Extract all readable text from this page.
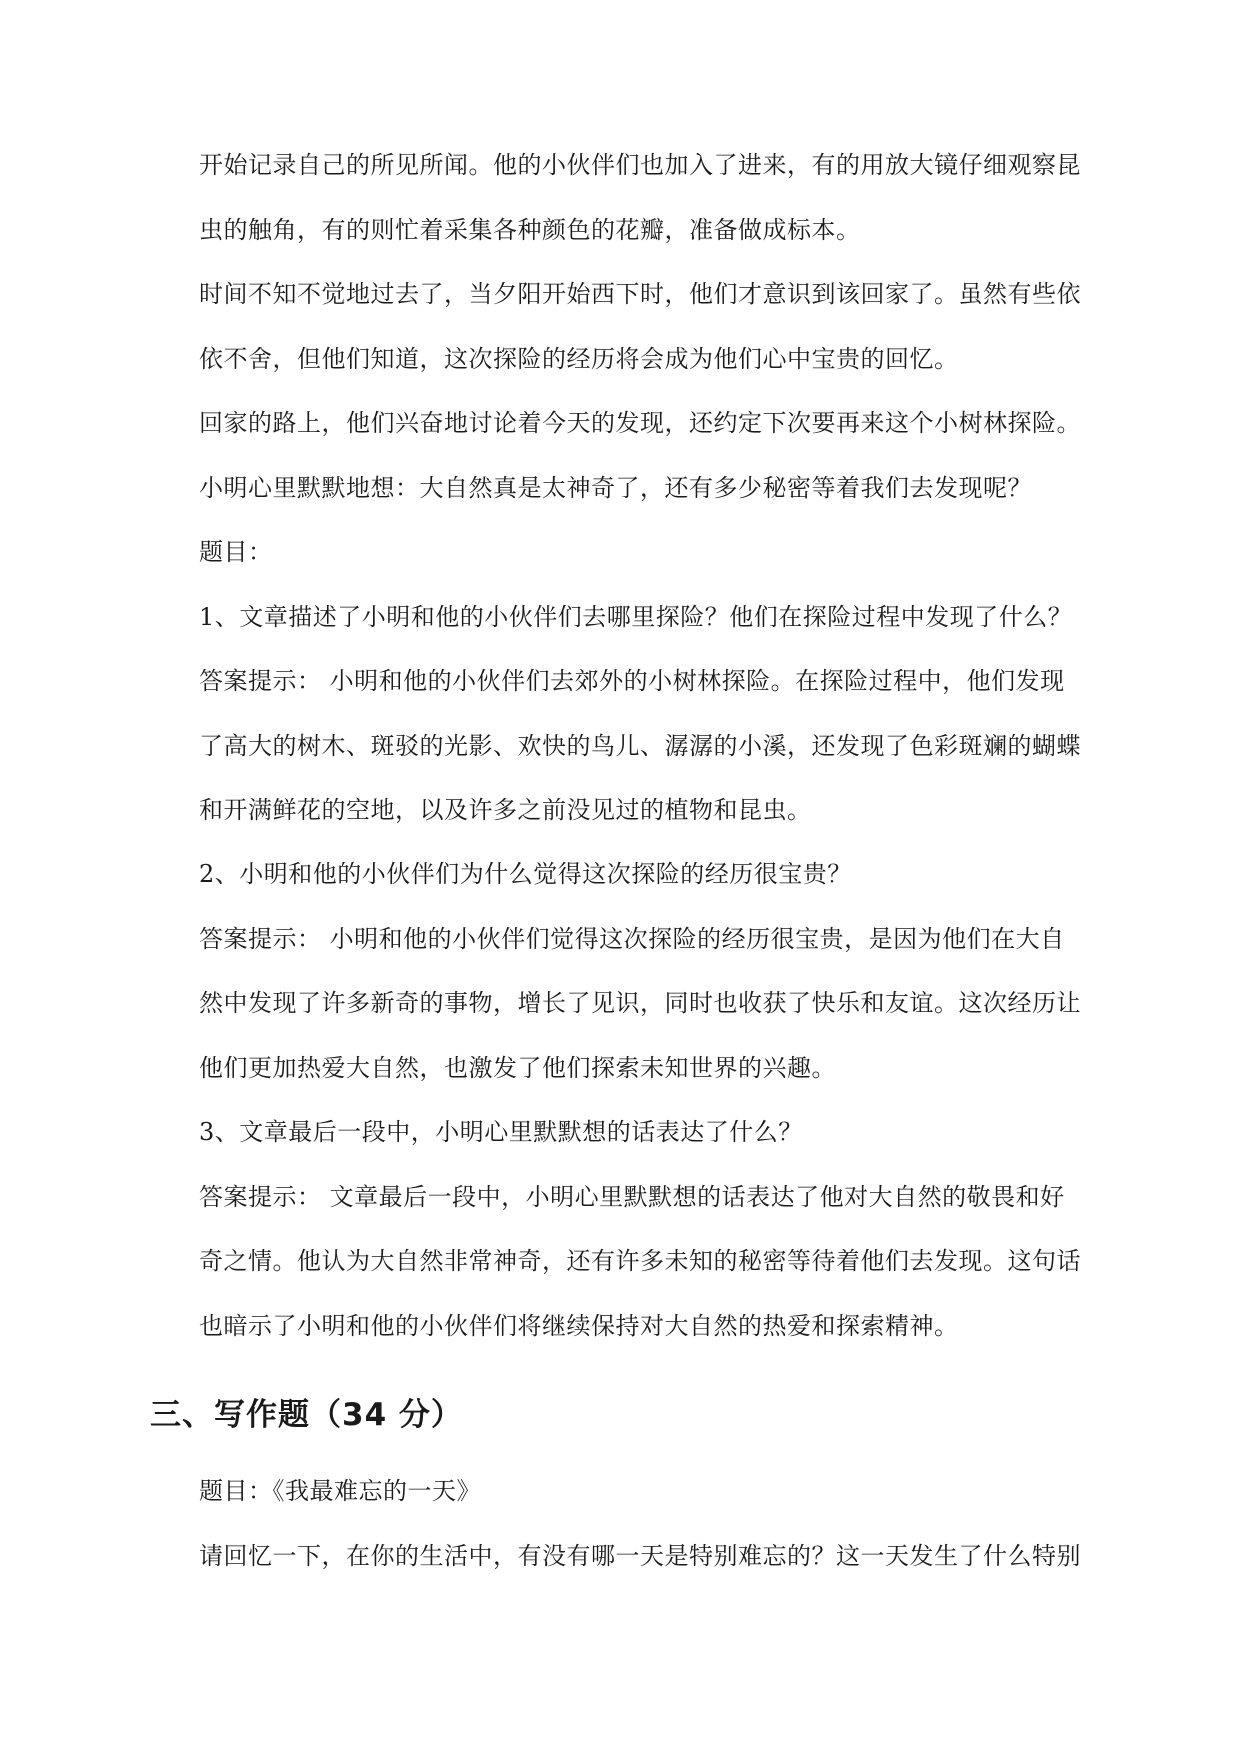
开始记录自己的所见所闻。他的小伙伴们也加入了进来，有的用放大镜仔细观察昆
虫的触角，有的则忙着采集各种颜色的花瓣，准备做成标本。
时间不知不觉地过去了，当夕阳开始西下时，他们才意识到该回家了。虽然有些依
依不舍，但他们知道，这次探险的经历将会成为他们心中宝贵的回忆。
回家的路上，他们兴奋地讨论着今天的发现，还约定下次要再来这个小树林探险。
小明心里默默地想：大自然真是太神奇了，还有多少秘密等着我们去发现呢？
题目：
1、文章描述了小明和他的小伙伴们去哪里探险？他们在探险过程中发现了什么？
答案提示： 小明和他的小伙伴们去郊外的小树林探险。在探险过程中，他们发现
了高大的树木、斑驳的光影、欢快的鸟儿、潺潺的小溪，还发现了色彩斑斓的蝴蝶
和开满鲜花的空地，以及许多之前没见过的植物和昆虫。
2、小明和他的小伙伴们为什么觉得这次探险的经历很宝贵？
答案提示： 小明和他的小伙伴们觉得这次探险的经历很宝贵，是因为他们在大自
然中发现了许多新奇的事物，增长了见识，同时也收获了快乐和友谊。这次经历让
他们更加热爱大自然，也激发了他们探索未知世界的兴趣。
3、文章最后一段中，小明心里默默想的话表达了什么？
答案提示： 文章最后一段中，小明心里默默想的话表达了他对大自然的敬畏和好
奇之情。他认为大自然非常神奇，还有许多未知的秘密等待着他们去发现。这句话
也暗示了小明和他的小伙伴们将继续保持对大自然的热爱和探索精神。
三、写作题（34 分）
题目：《我最难忘的一天》
请回忆一下，在你的生活中，有没有哪一天是特别难忘的？这一天发生了什么特别
